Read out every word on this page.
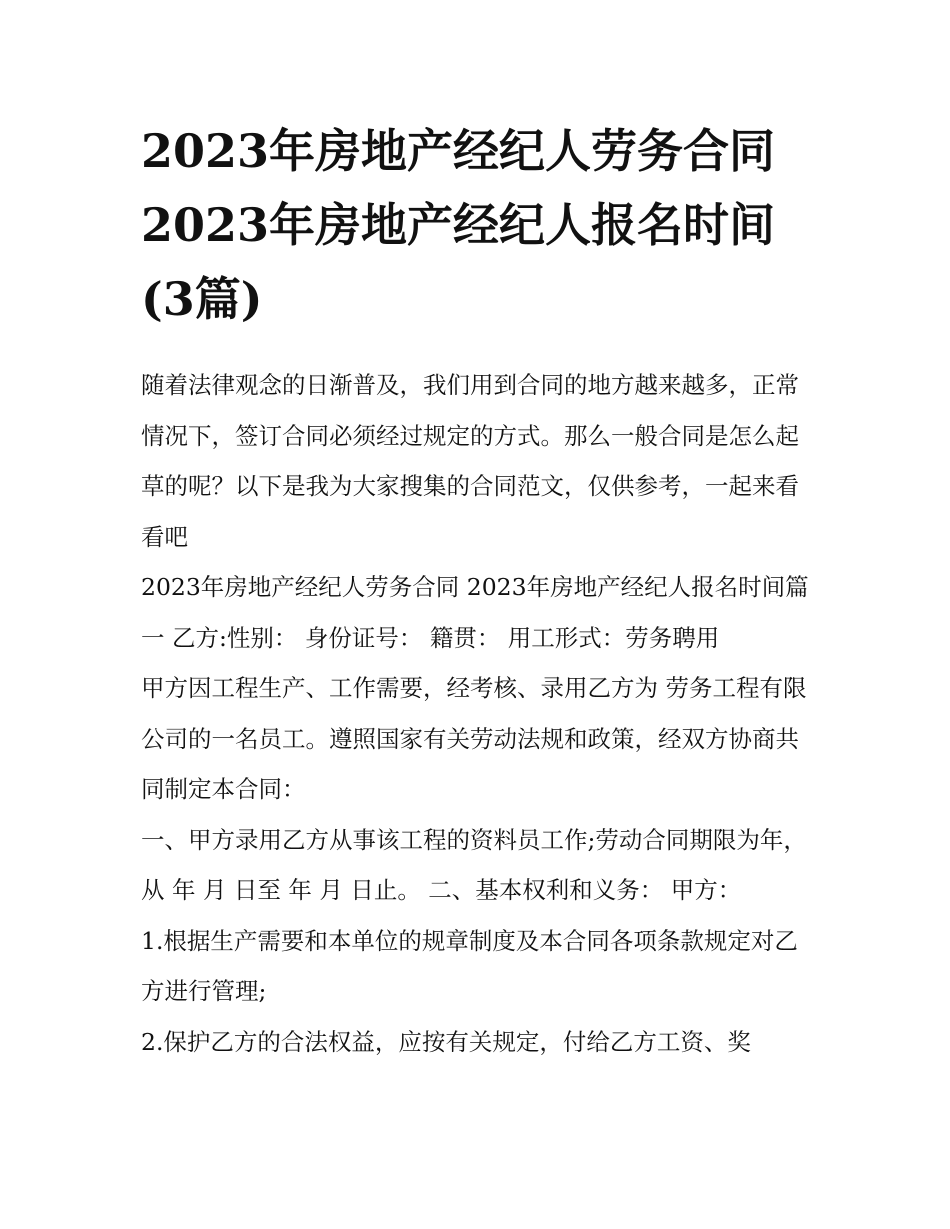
2023年房地产经纪人劳务合同
2023年房地产经纪人报名时间
(3篇)

随着法律观念的日渐普及，我们用到合同的地方越来越多，正常情况下，签订合同必须经过规定的方式。那么一般合同是怎么起草的呢？以下是我为大家搜集的合同范文，仅供参考，一起来看看吧

2023年房地产经纪人劳务合同 2023年房地产经纪人报名时间篇一 乙方:性别： 身份证号： 籍贯： 用工形式：劳务聘用

甲方因工程生产、工作需要，经考核、录用乙方为 劳务工程有限公司的一名员工。遵照国家有关劳动法规和政策，经双方协商共同制定本合同：

一、甲方录用乙方从事该工程的资料员工作;劳动合同期限为年，从 年 月 日至 年 月 日止。 二、基本权利和义务： 甲方：

1.根据生产需要和本单位的规章制度及本合同各项条款规定对乙方进行管理;

2.保护乙方的合法权益，应按有关规定，付给乙方工资、奖
